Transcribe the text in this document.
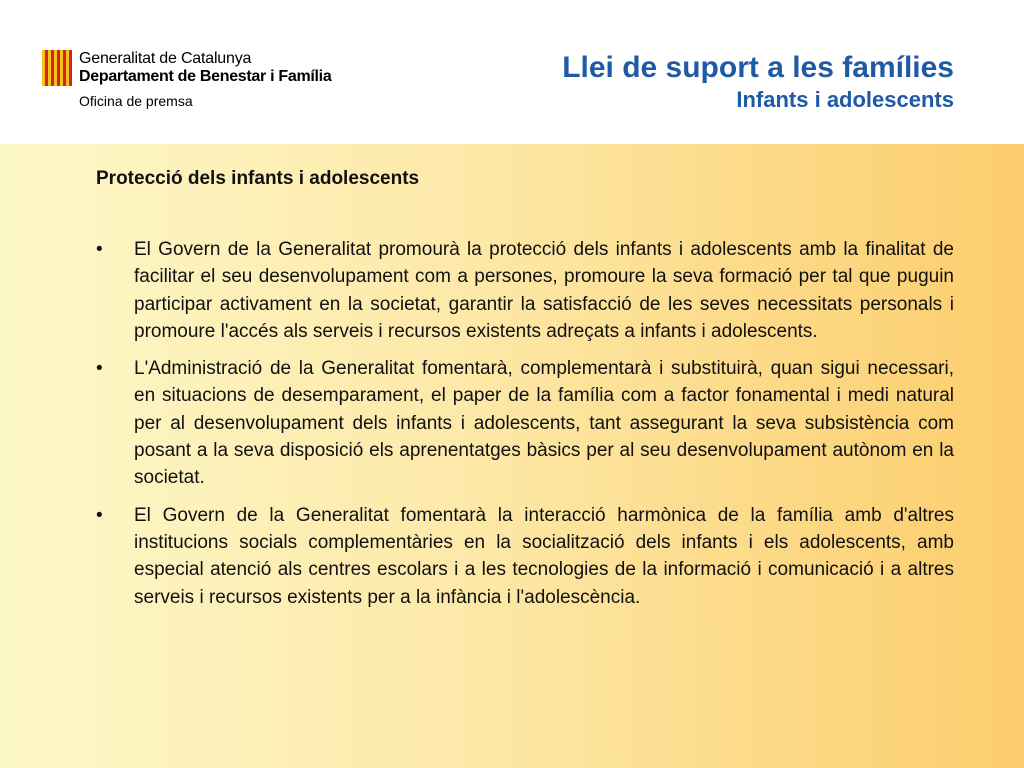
Generalitat de Catalunya
Departament de Benestar i Família
Oficina de premsa
Llei de suport a les famílies
Infants i adolescents
Protecció dels infants i adolescents
•	El Govern de la Generalitat promourà la protecció dels infants i adolescents amb la finalitat de facilitar el seu desenvolupament com a persones, promoure la seva formació per tal que puguin participar activament en la societat, garantir la satisfacció de les seves necessitats personals i promoure l'accés als serveis i recursos existents adreçats a infants i adolescents.
•	L'Administració de la Generalitat fomentarà, complementarà i substituirà, quan sigui necessari, en situacions de desemparament, el paper de la família com a factor fonamental i medi natural per al desenvolupament dels infants i adolescents, tant assegurant la seva subsistència com posant a la seva disposició els aprenentatges bàsics per al seu desenvolupament autònom en la societat.
•	El Govern de la Generalitat fomentarà la interacció harmònica de la família amb d'altres institucions socials complementàries en la socialització dels infants i els adolescents, amb especial atenció als centres escolars i a les tecnologies de la informació i comunicació i a altres serveis i recursos existents per a la infància i l'adolescència.
